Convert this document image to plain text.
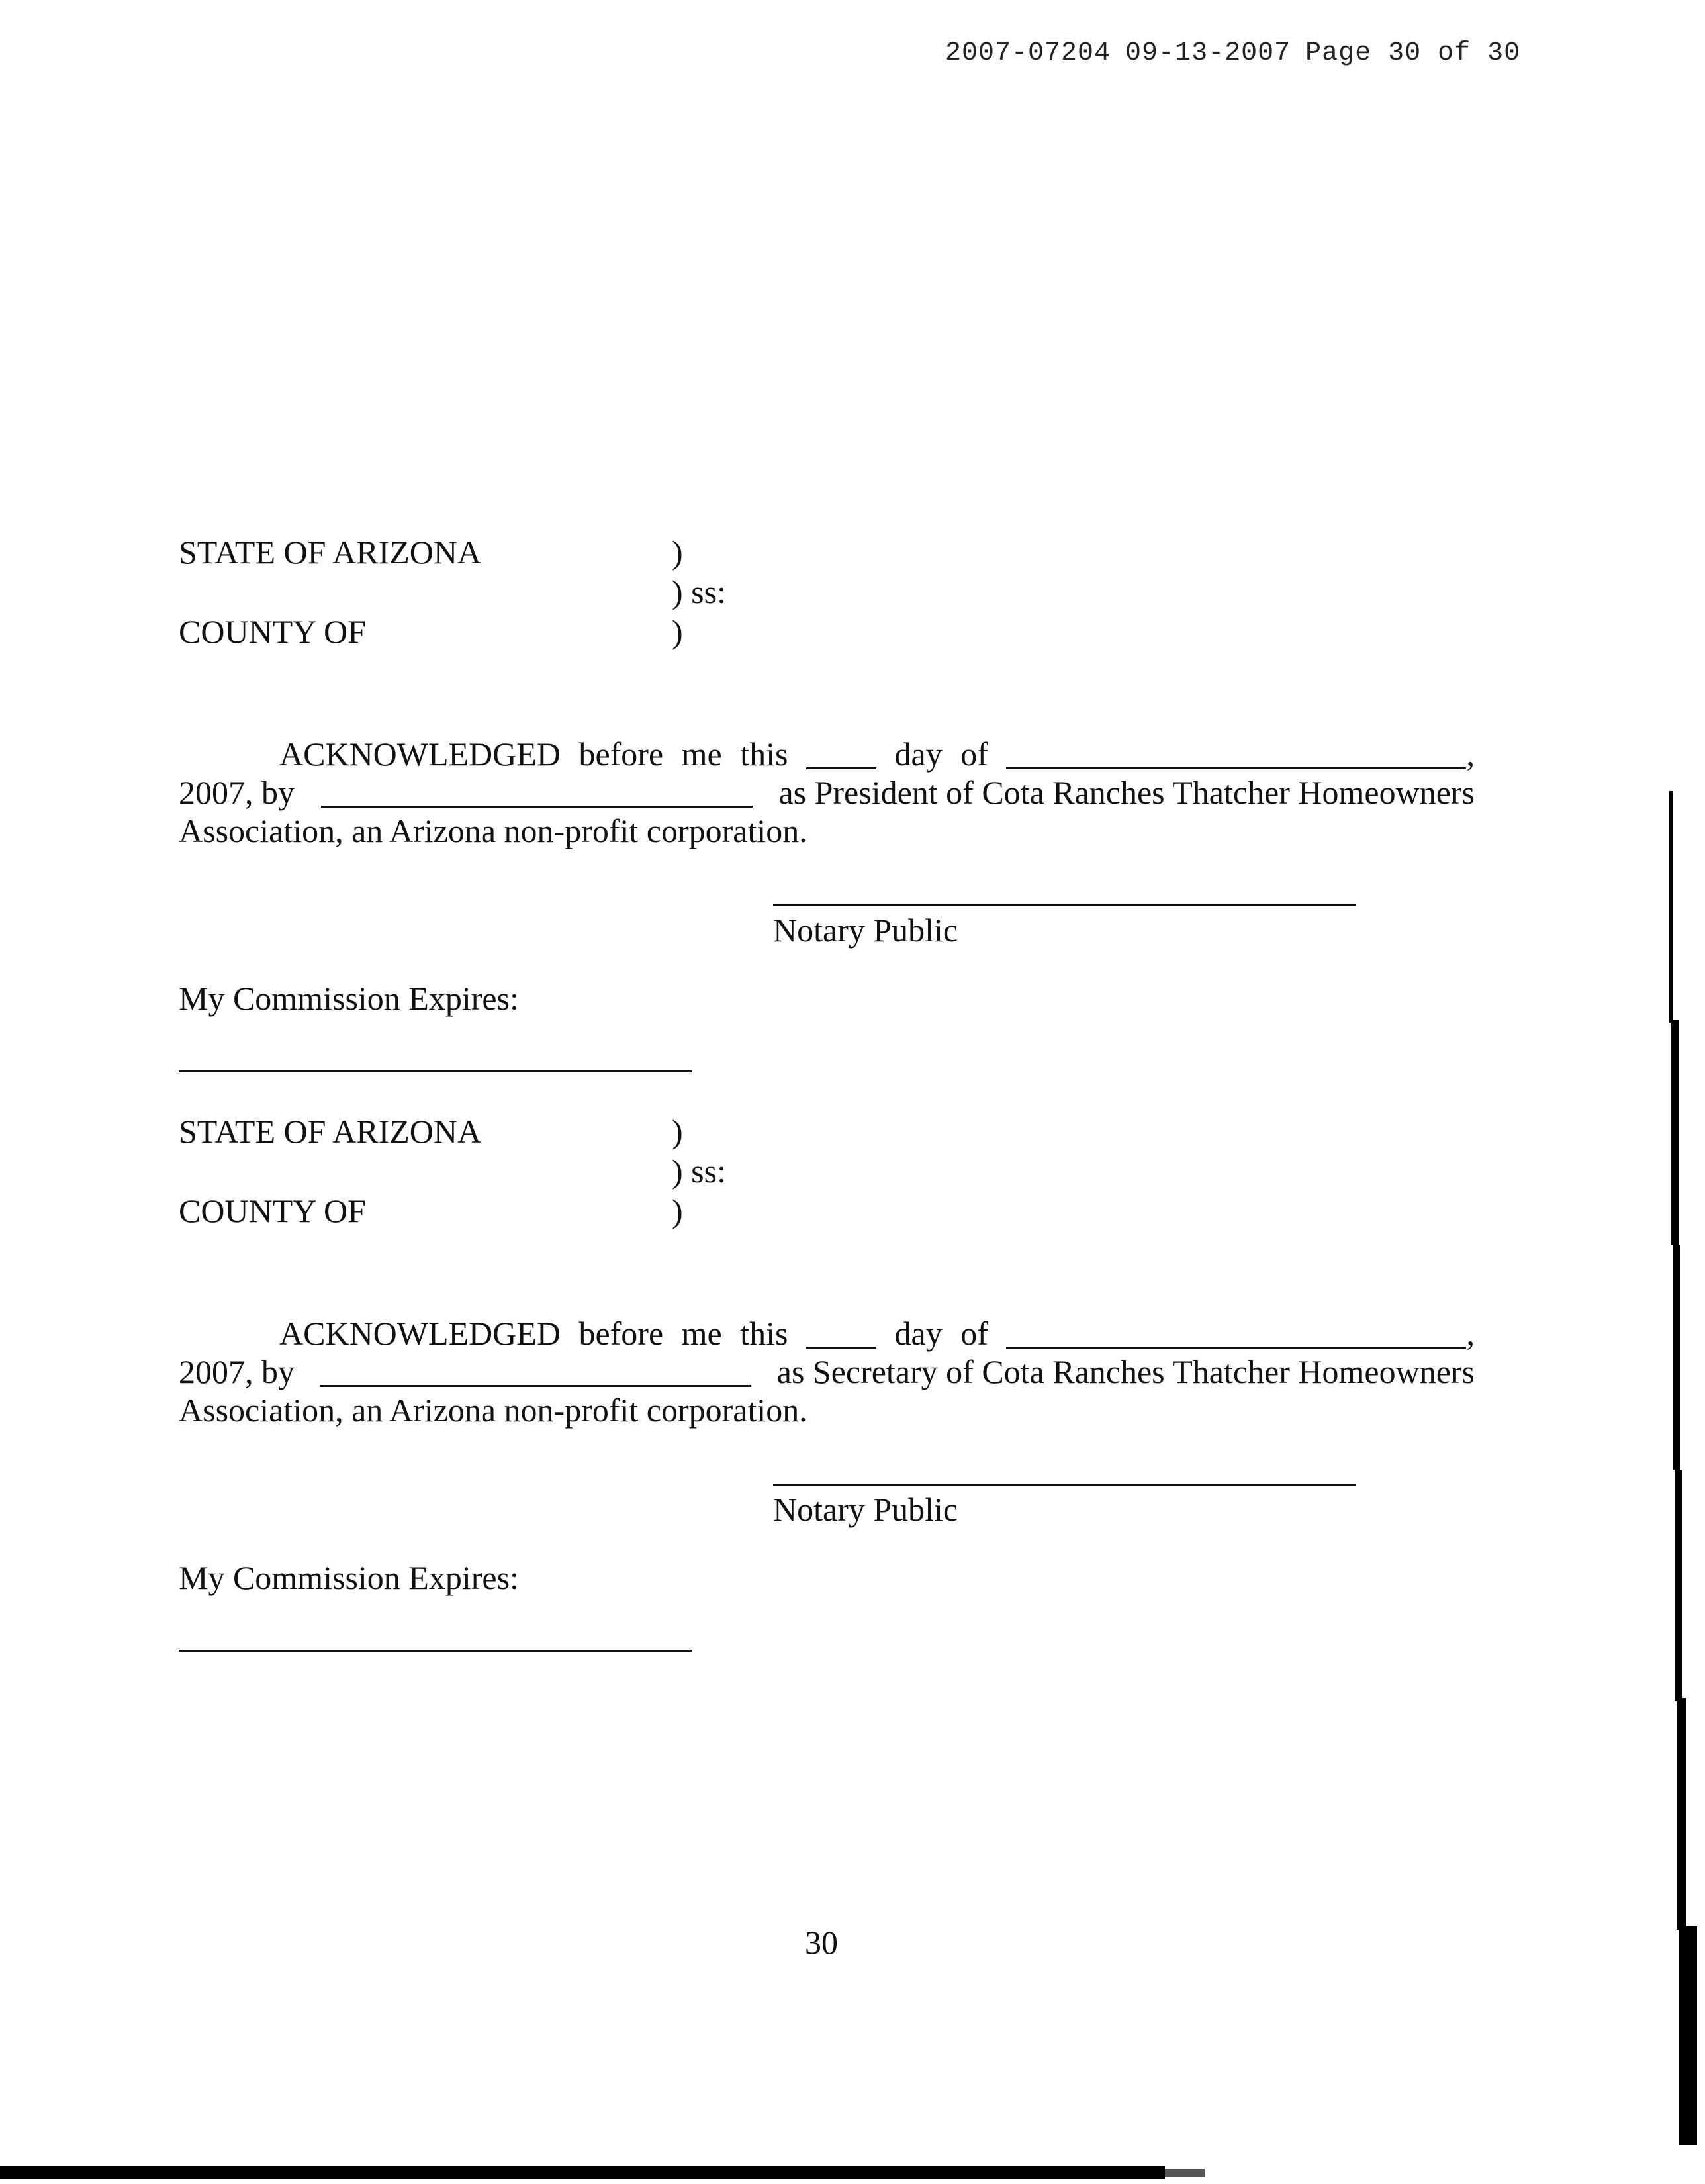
2007-07204 09-13-2007 Page 30 of 30
STATE OF ARIZONA	)
) ss:
COUNTY OF	)
ACKNOWLEDGED before me this	day of	,
2007, by	as President of Cota Ranches Thatcher Homeowners
Association, an Arizona non-profit corporation.
Notary Public
My Commission Expires:
STATE OF ARIZONA	)
) ss:
COUNTY OF	)
ACKNOWLEDGED before me this	day of	,
2007, by	as Secretary of Cota Ranches Thatcher Homeowners
Association, an Arizona non-profit corporation.
Notary Public
My Commission Expires:
30
